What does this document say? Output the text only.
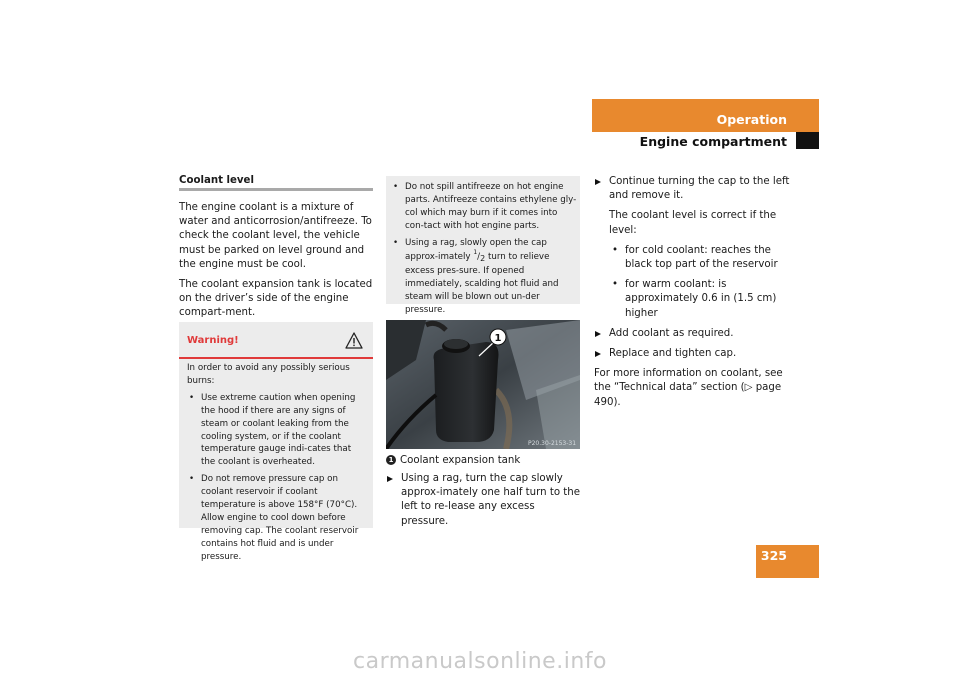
Operation
Engine compartment
Coolant level

The engine coolant is a mixture of water and anticorrosion/antifreeze. To check the coolant level, the vehicle must be parked on level ground and the engine must be cool.

The coolant expansion tank is located on the driver’s side of the engine compart-ment.

Warning!

In order to avoid any possibly serious burns:

• Use extreme caution when opening the hood if there are any signs of steam or coolant leaking from the cooling system, or if the coolant temperature gauge indi-cates that the coolant is overheated.
• Do not remove pressure cap on coolant reservoir if coolant temperature is above 158°F (70°C). Allow engine to cool down before removing cap. The coolant reservoir contains hot fluid and is under pressure.
• Do not spill antifreeze on hot engine parts. Antifreeze contains ethylene gly-col which may burn if it comes into con-tact with hot engine parts.
• Using a rag, slowly open the cap approx-imately $^1$/2 turn to relieve excess pres-sure. If opened immediately, scalding hot fluid and steam will be blown out un-der pressure.
1
P20.30-2153-31
1 Coolant expansion tank
Using a rag, turn the cap slowly approx-imately one half turn to the left to re-lease any excess pressure.
Continue turning the cap to the left and remove it.
The coolant level is correct if the level:
• for cold coolant: reaches the black top part of the reservoir
• for warm coolant: is approximately 0.6 in (1.5 cm) higher
Add coolant as required.
Replace and tighten cap.

For more information on coolant, see the “Technical data” section (▷ page 490).

325
carmanualsonline.info
